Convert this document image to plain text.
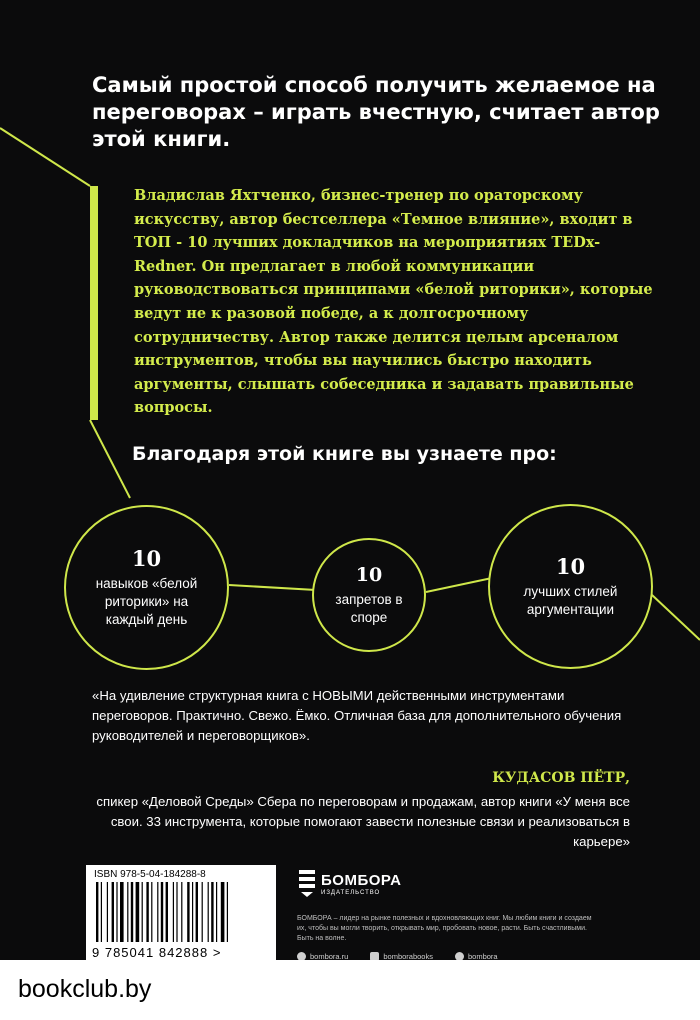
Самый простой способ получить желаемое на переговорах – играть вчестную, считает автор этой книги.
Владислав Яхтченко, бизнес-тренер по ораторскому искусству, автор бестселлера «Темное влияние», входит в ТОП - 10 лучших докладчиков на мероприятиях TEDx-Redner. Он предлагает в любой коммуникации руководствоваться принципами «белой риторики», которые ведут не к разовой победе, а к долгосрочному сотрудничеству. Автор также делится целым арсеналом инструментов, чтобы вы научились быстро находить аргументы, слышать собеседника и задавать правильные вопросы.
Благодаря этой книге вы узнаете про:
10
навыков «белой риторики» на каждый день
10
запретов в споре
10
лучших стилей аргументации
«На удивление структурная книга с НОВЫМИ действенными инструментами переговоров. Практично. Свежо. Ёмко. Отличная база для дополнительного обучения руководителей и переговорщиков».
КУДАСОВ ПЁТР,
спикер «Деловой Среды» Сбера по переговорам и продажам, автор книги «У меня все свои. 33 инструмента, которые помогают завести полезные связи и реализоваться в карьере»
ISBN 978-5-04-184288-8
9 785041 842888 >
БОМБОРА
ИЗДАТЕЛЬСТВО
БОМБОРА – лидер на рынке полезных и вдохновляющих книг. Мы любим книги и создаем их, чтобы вы могли творить, открывать мир, пробовать новое, расти. Быть счастливыми. Быть на волне.
bombora.ru	bomborabooks	bombora
bookclub.by
